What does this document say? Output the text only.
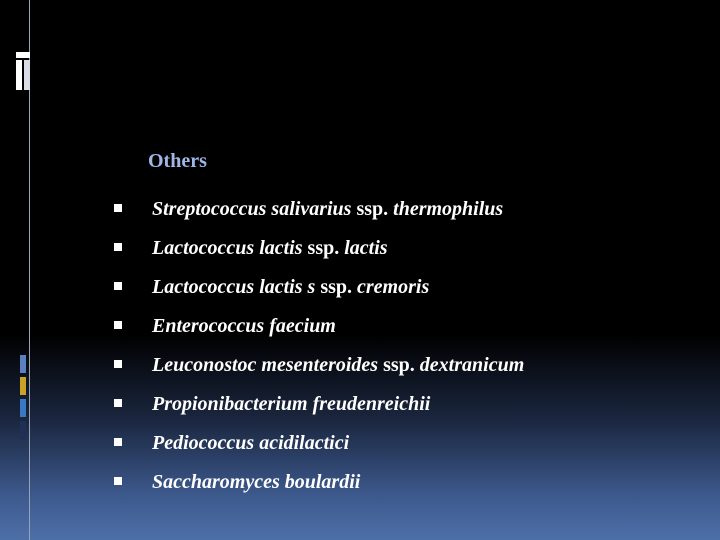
Others
Streptococcus salivarius ssp. thermophilus
Lactococcus lactis ssp. lactis
Lactococcus lactis s ssp. cremoris
Enterococcus faecium
Leuconostoc mesenteroides ssp. dextranicum
Propionibacterium freudenreichii
Pediococcus acidilactici
Saccharomyces boulardii
